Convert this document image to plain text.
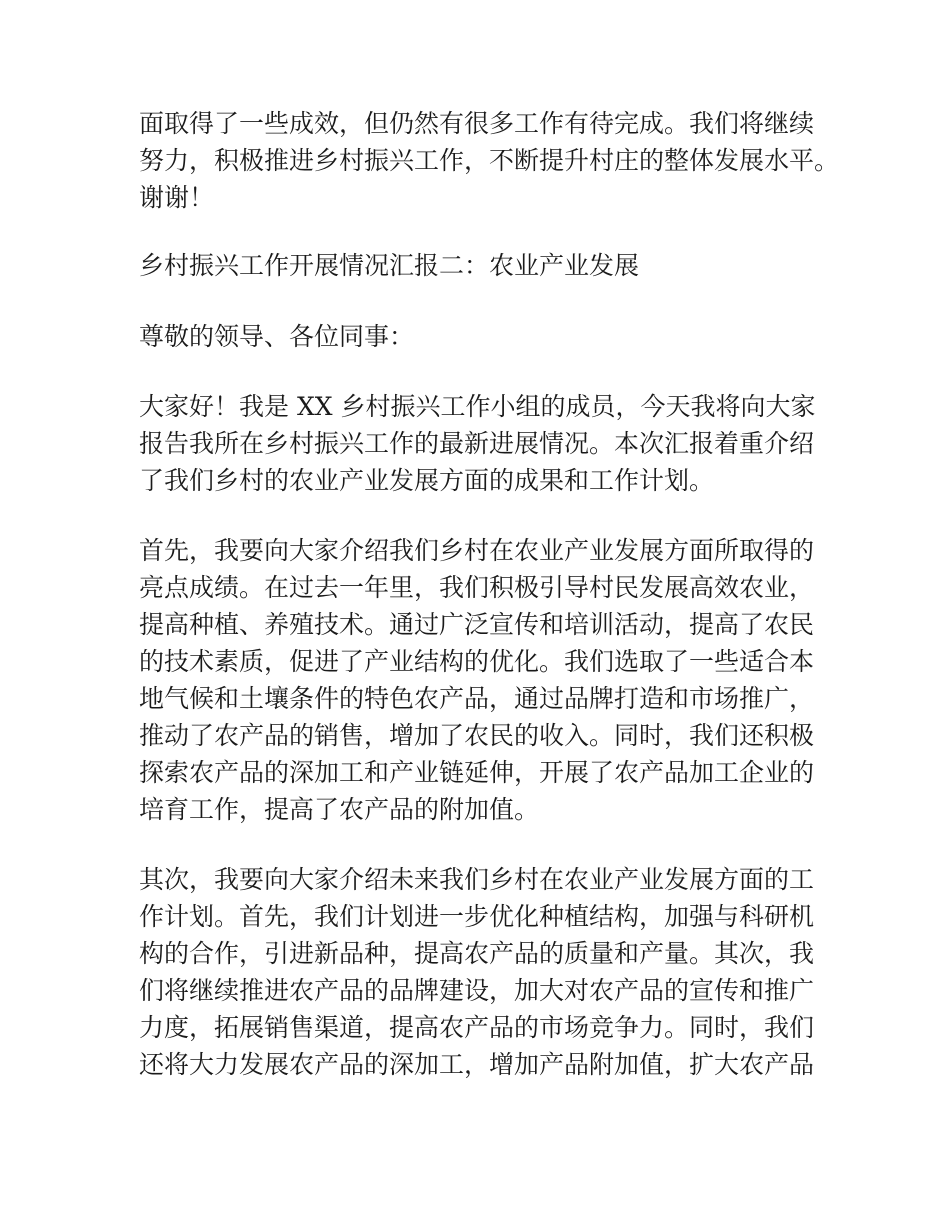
面取得了一些成效，但仍然有很多工作有待完成。我们将继续
努力，积极推进乡村振兴工作，不断提升村庄的整体发展水平。
谢谢！
乡村振兴工作开展情况汇报二：农业产业发展
尊敬的领导、各位同事：
大家好！我是 XX 乡村振兴工作小组的成员，今天我将向大家
报告我所在乡村振兴工作的最新进展情况。本次汇报着重介绍
了我们乡村的农业产业发展方面的成果和工作计划。
首先，我要向大家介绍我们乡村在农业产业发展方面所取得的
亮点成绩。在过去一年里，我们积极引导村民发展高效农业，
提高种植、养殖技术。通过广泛宣传和培训活动，提高了农民
的技术素质，促进了产业结构的优化。我们选取了一些适合本
地气候和土壤条件的特色农产品，通过品牌打造和市场推广，
推动了农产品的销售，增加了农民的收入。同时，我们还积极
探索农产品的深加工和产业链延伸，开展了农产品加工企业的
培育工作，提高了农产品的附加值。
其次，我要向大家介绍未来我们乡村在农业产业发展方面的工
作计划。首先，我们计划进一步优化种植结构，加强与科研机
构的合作，引进新品种，提高农产品的质量和产量。其次，我
们将继续推进农产品的品牌建设，加大对农产品的宣传和推广
力度，拓展销售渠道，提高农产品的市场竞争力。同时，我们
还将大力发展农产品的深加工，增加产品附加值，扩大农产品
